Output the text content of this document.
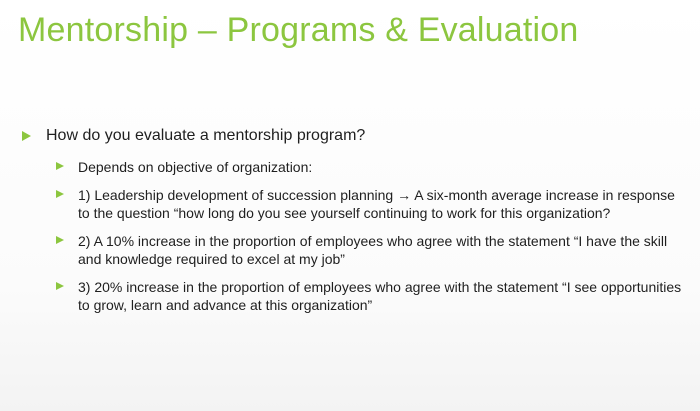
Mentorship – Programs & Evaluation
How do you evaluate a mentorship program?
Depends on objective of organization:
1) Leadership development of succession planning → A six-month average increase in response to the question “how long do you see yourself continuing to work for this organization?
2) A 10% increase in the proportion of employees who agree with the statement “I have the skill and knowledge required to excel at my job”
3) 20% increase in the proportion of employees who agree with the statement “I see opportunities to grow, learn and advance at this organization”
